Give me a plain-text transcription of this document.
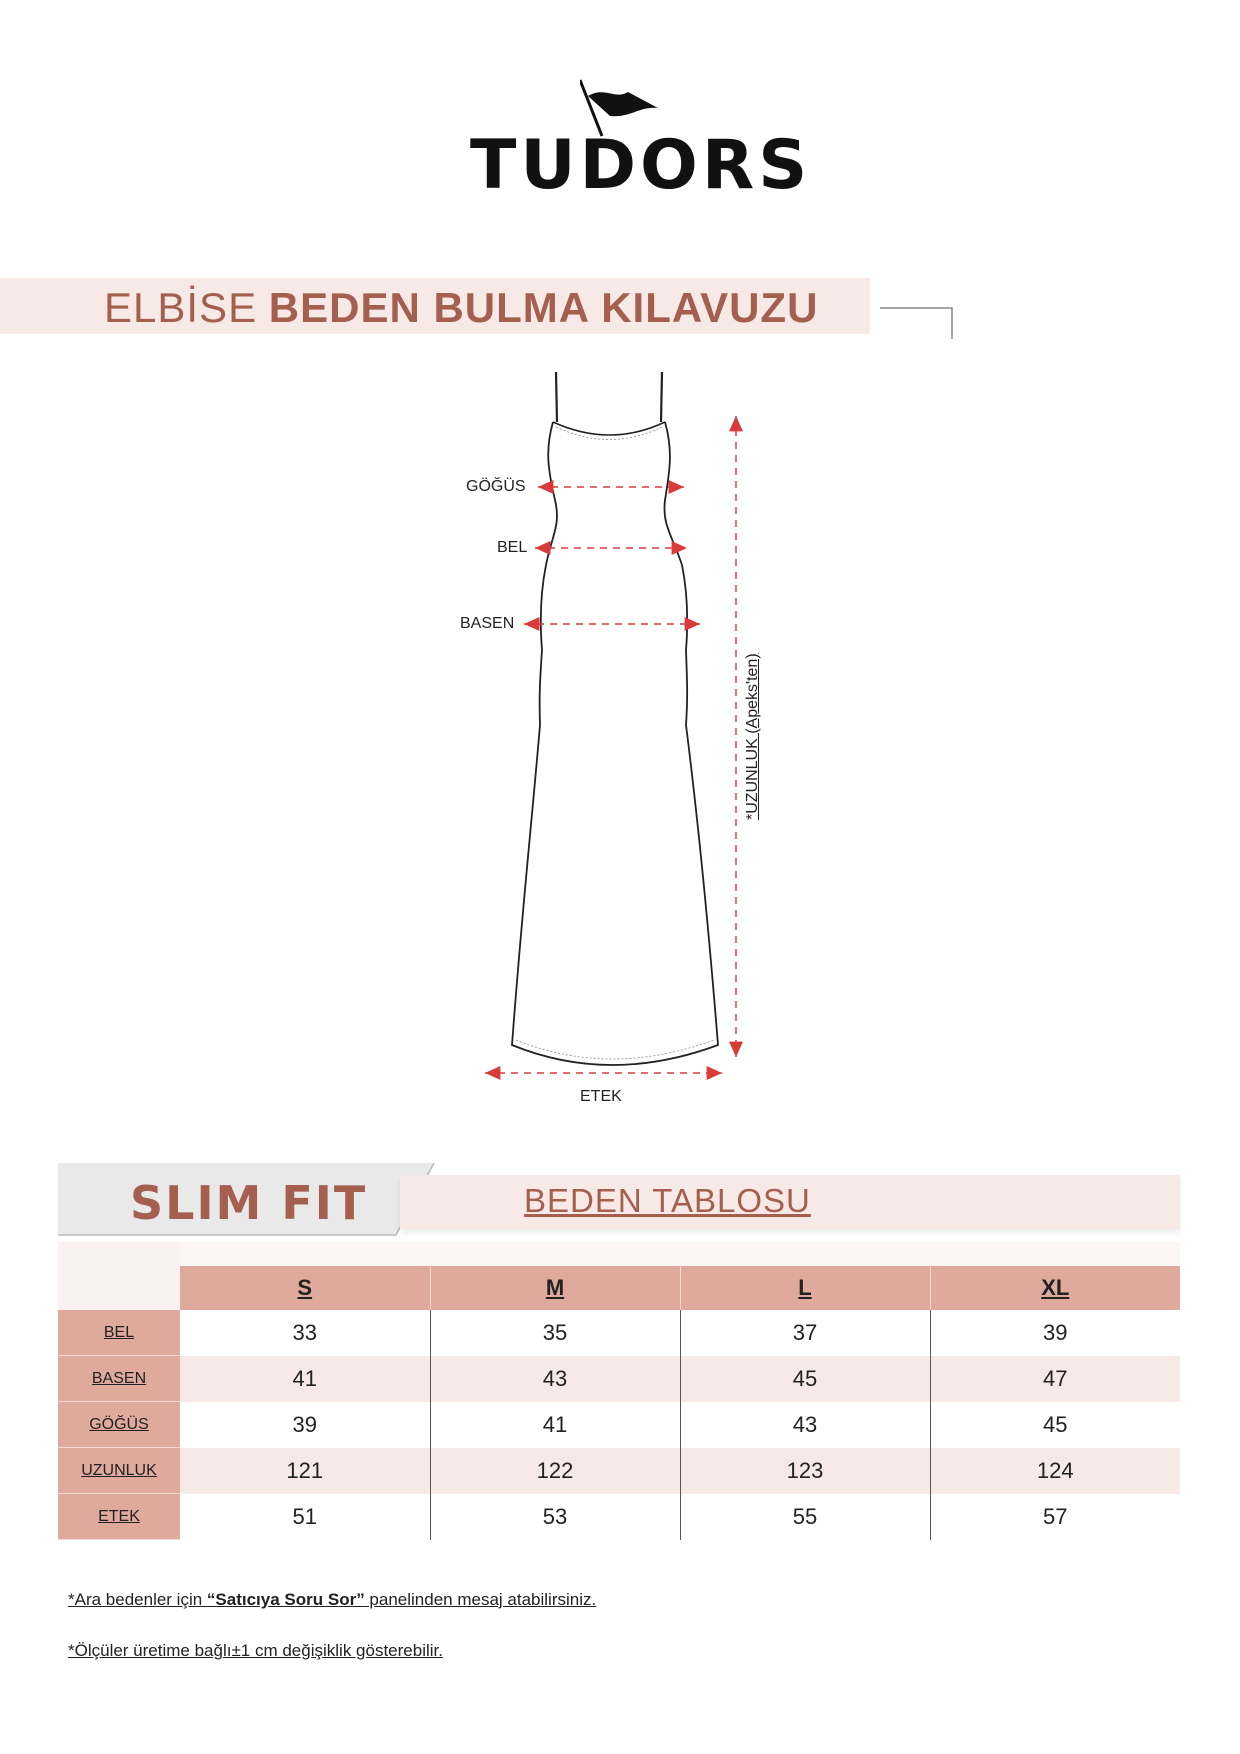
TUDORS
ELBİSE BEDEN BULMA KILAVUZU
GÖĞÜS
BEL
BASEN
ETEK
*UZUNLUK (Apeks'ten)
SLIM FIT	BEDEN TABLOSU

	S	M	L	XL
BEL	33	35	37	39
BASEN	41	43	45	47
GÖĞÜS	39	41	43	45
UZUNLUK	121	122	123	124
ETEK	51	53	55	57
*Ara bedenler için “Satıcıya Soru Sor” panelinden mesaj atabilirsiniz.
*Ölçüler üretime bağlı±1 cm değişiklik gösterebilir.
